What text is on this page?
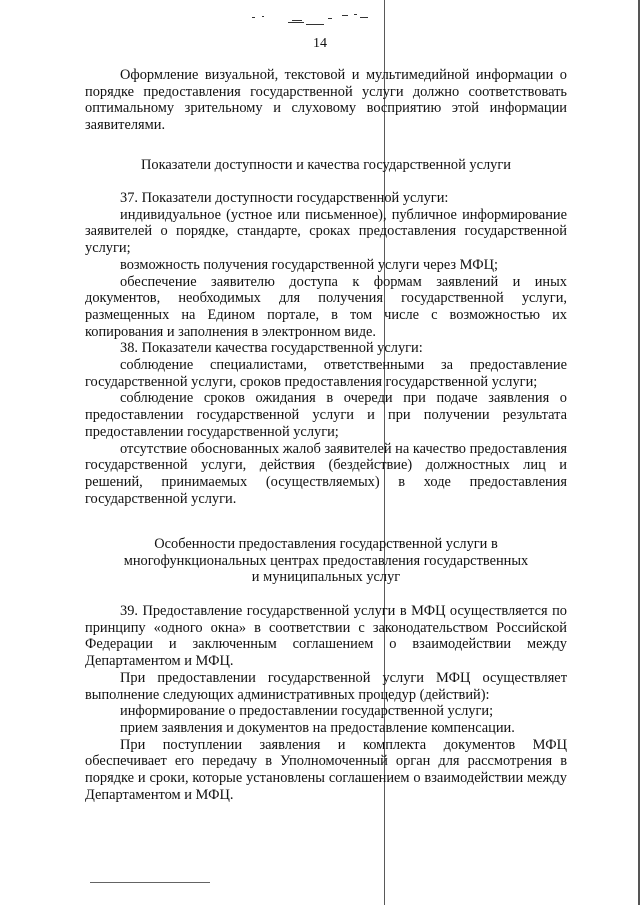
14

Оформление визуальной, текстовой и мультимедийной информации о порядке предоставления государственной услуги должно соответствовать оптимальному зрительному и слуховому восприятию этой информации заявителями.

Показатели доступности и качества государственной услуги

37. Показатели доступности государственной услуги:

индивидуальное (устное или письменное), публичное информирование заявителей о порядке, стандарте, сроках предоставления государственной услуги;

возможность получения государственной услуги через МФЦ;

обеспечение заявителю доступа к формам заявлений и иных документов, необходимых для получения государственной услуги, размещенных на Едином портале, в том числе с возможностью их копирования и заполнения в электронном виде.

38. Показатели качества государственной услуги:

соблюдение специалистами, ответственными за предоставление государственной услуги, сроков предоставления государственной услуги;

соблюдение сроков ожидания в очереди при подаче заявления о предоставлении государственной услуги и при получении результата предоставлении государственной услуги;

отсутствие обоснованных жалоб заявителей на качество предоставления государственной услуги, действия (бездействие) должностных лиц и решений, принимаемых (осуществляемых) в ходе предоставления государственной услуги.

Особенности предоставления государственной услуги в

многофункциональных центрах предоставления государственных

и муниципальных услуг

39. Предоставление государственной услуги в МФЦ осуществляется по принципу «одного окна» в соответствии с законодательством Российской Федерации и заключенным соглашением о взаимодействии между Департаментом и МФЦ.

При предоставлении государственной услуги МФЦ осуществляет выполнение следующих административных процедур (действий):

информирование о предоставлении государственной услуги;

прием заявления и документов на предоставление компенсации.

При поступлении заявления и комплекта документов МФЦ обеспечивает его передачу в Уполномоченный орган для рассмотрения в порядке и сроки, которые установлены соглашением о взаимодействии между Департаментом и МФЦ.
